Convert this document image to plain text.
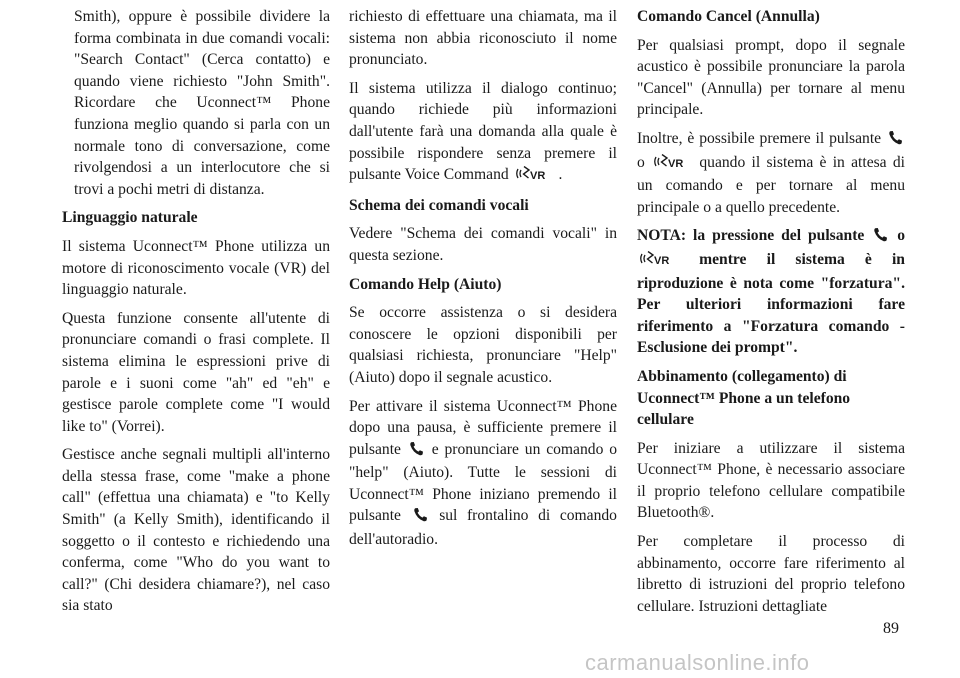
Smith), oppure è possibile dividere la forma combinata in due comandi vocali: "Search Contact" (Cerca contatto) e quando viene richiesto "John Smith". Ricordare che Uconnect™ Phone funziona meglio quando si parla con un normale tono di conversazione, come rivolgendosi a un interlocutore che si trovi a pochi metri di distanza.

Linguaggio naturale

Il sistema Uconnect™ Phone utilizza un motore di riconoscimento vocale (VR) del linguaggio naturale.

Questa funzione consente all'utente di pronunciare comandi o frasi complete. Il sistema elimina le espressioni prive di parole e i suoni come "ah" ed "eh" e gestisce parole complete come "I would like to" (Vorrei).

Gestisce anche segnali multipli all'interno della stessa frase, come "make a phone call" (effettua una chiamata) e "to Kelly Smith" (a Kelly Smith), identificando il soggetto o il contesto e richiedendo una conferma, come "Who do you want to call?" (Chi desidera chiamare?), nel caso sia stato

richiesto di effettuare una chiamata, ma il sistema non abbia riconosciuto il nome pronunciato.

Il sistema utilizza il dialogo continuo; quando richiede più informazioni dall'utente farà una domanda alla quale è possibile rispondere senza premere il pulsante Voice Command VR .

Schema dei comandi vocali

Vedere "Schema dei comandi vocali" in questa sezione.

Comando Help (Aiuto)

Se occorre assistenza o si desidera conoscere le opzioni disponibili per qualsiasi richiesta, pronunciare "Help" (Aiuto) dopo il segnale acustico.

Per attivare il sistema Uconnect™ Phone dopo una pausa, è sufficiente premere il pulsante e pronunciare un comando o "help" (Aiuto). Tutte le sessioni di Uconnect™ Phone iniziano premendo il pulsante sul frontalino di comando dell'autoradio.

Comando Cancel (Annulla)

Per qualsiasi prompt, dopo il segnale acustico è possibile pronunciare la parola "Cancel" (Annulla) per tornare al menu principale.

Inoltre, è possibile premere il pulsante  o VR quando il sistema è in attesa di un comando e per tornare al menu principale o a quello precedente.

NOTA: la pressione del pulsante o
VR mentre il sistema è in riproduzione è nota come "forzatura". Per ulteriori informazioni fare riferimento a "Forzatura comando - Esclusione dei prompt".

Abbinamento (collegamento) di Uconnect™ Phone a un telefono cellulare

Per iniziare a utilizzare il sistema Uconnect™ Phone, è necessario associare il proprio telefono cellulare compatibile Bluetooth®.

Per completare il processo di abbinamento, occorre fare riferimento al libretto di istruzioni del proprio telefono cellulare. Istruzioni dettagliate

89
carmanualsonline.info
